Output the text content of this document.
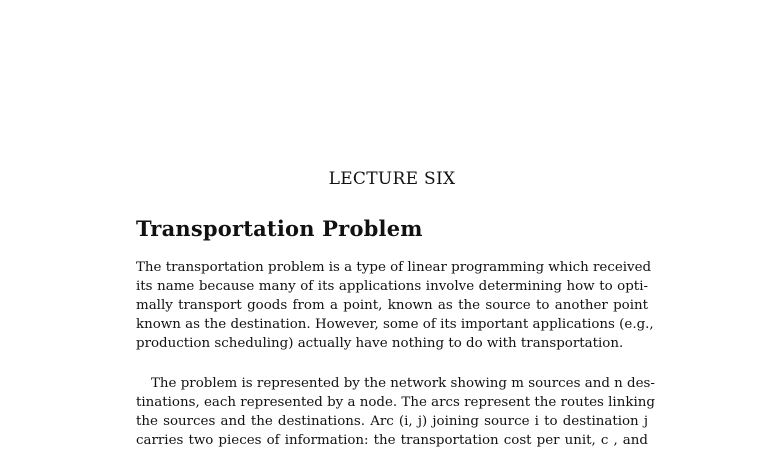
LECTURE SIX
Transportation Problem
The transportation problem is a type of linear programming which received
its name because many of its applications involve determining how to opti-
mally transport goods from a point, known as the source to another point
known as the destination. However, some of its important applications (e.g.,
production scheduling) actually have nothing to do with transportation.
The problem is represented by the network showing m sources and n des-
tinations, each represented by a node. The arcs represent the routes linking
the sources and the destinations. Arc (i, j) joining source i to destination j
carries two pieces of information: the transportation cost per unit, c , and
